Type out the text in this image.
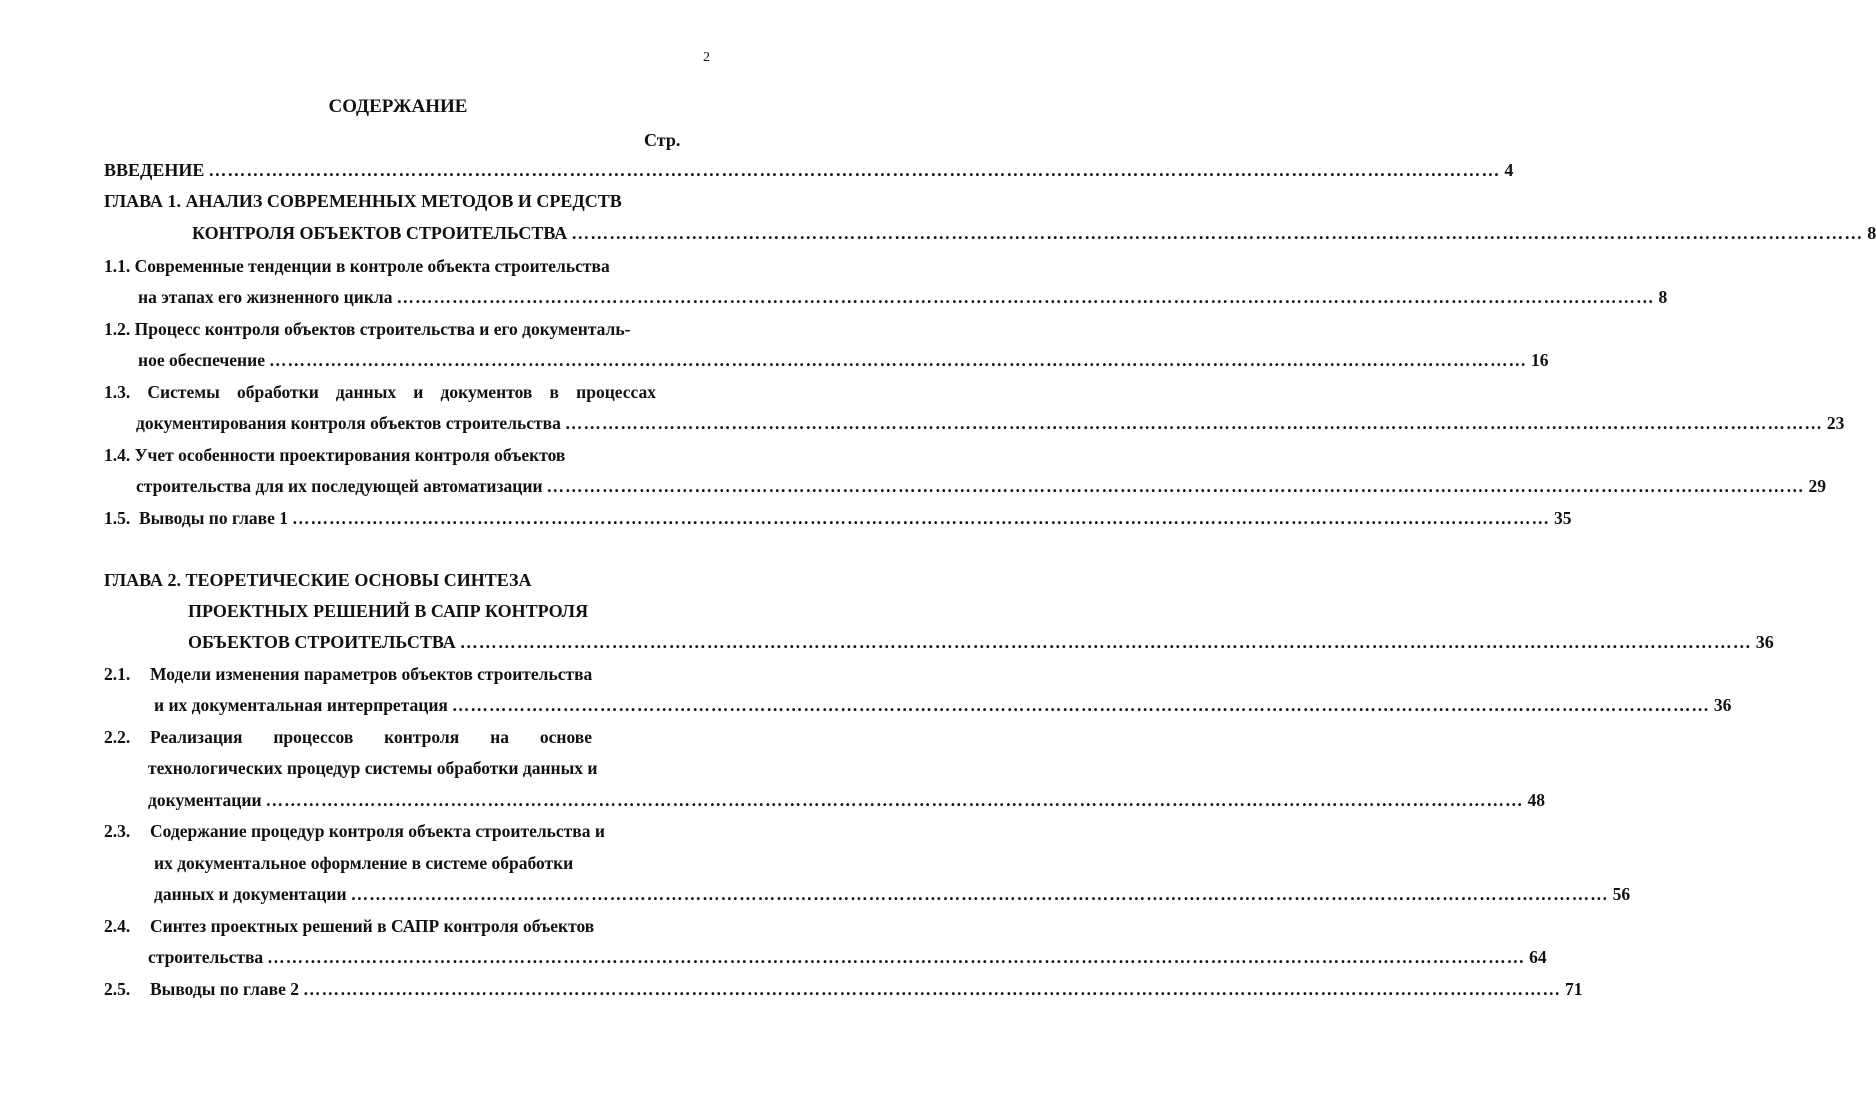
2
СОДЕРЖАНИЕ
Стр.
ВВЕДЕНИЕ …………………………………………………………………………………………………………………………………………………………………………………… 4
ГЛАВА 1. АНАЛИЗ СОВРЕМЕННЫХ МЕТОДОВ И СРЕДСТВ
КОНТРОЛЯ ОБЪЕКТОВ СТРОИТЕЛЬСТВА …………………………………………………………………………………………………………………………………………………………………………………… 8
1.1. Современные тенденции в контроле объекта строительства
на этапах его жизненного цикла …………………………………………………………………………………………………………………………………………………………………………………… 8
1.2. Процесс контроля объектов строительства и его документаль-
ное обеспечение …………………………………………………………………………………………………………………………………………………………………………………… 16
1.3. Системы обработки данных и документов в процессах
документирования контроля объектов строительства …………………………………………………………………………………………………………………………………………………………………………………… 23
1.4. Учет особенности проектирования контроля объектов
строительства для их последующей автоматизации …………………………………………………………………………………………………………………………………………………………………………………… 29
1.5. Выводы по главе 1 …………………………………………………………………………………………………………………………………………………………………………………… 35
ГЛАВА 2. ТЕОРЕТИЧЕСКИЕ ОСНОВЫ СИНТЕЗА
ПРОЕКТНЫХ РЕШЕНИЙ В САПР КОНТРОЛЯ
ОБЪЕКТОВ СТРОИТЕЛЬСТВА …………………………………………………………………………………………………………………………………………………………………………………… 36
2.1. Модели изменения параметров объектов строительства
и их документальная интерпретация …………………………………………………………………………………………………………………………………………………………………………………… 36
2.2.	Реализация процессов контроля на основе
технологических процедур системы обработки данных и
документации …………………………………………………………………………………………………………………………………………………………………………………… 48
2.3. Содержание процедур контроля объекта строительства и
их документальное оформление в системе обработки
данных и документации …………………………………………………………………………………………………………………………………………………………………………………… 56
2.4. Синтез проектных решений в САПР контроля объектов
строительства …………………………………………………………………………………………………………………………………………………………………………………… 64
2.5. Выводы по главе 2 …………………………………………………………………………………………………………………………………………………………………………………… 71
